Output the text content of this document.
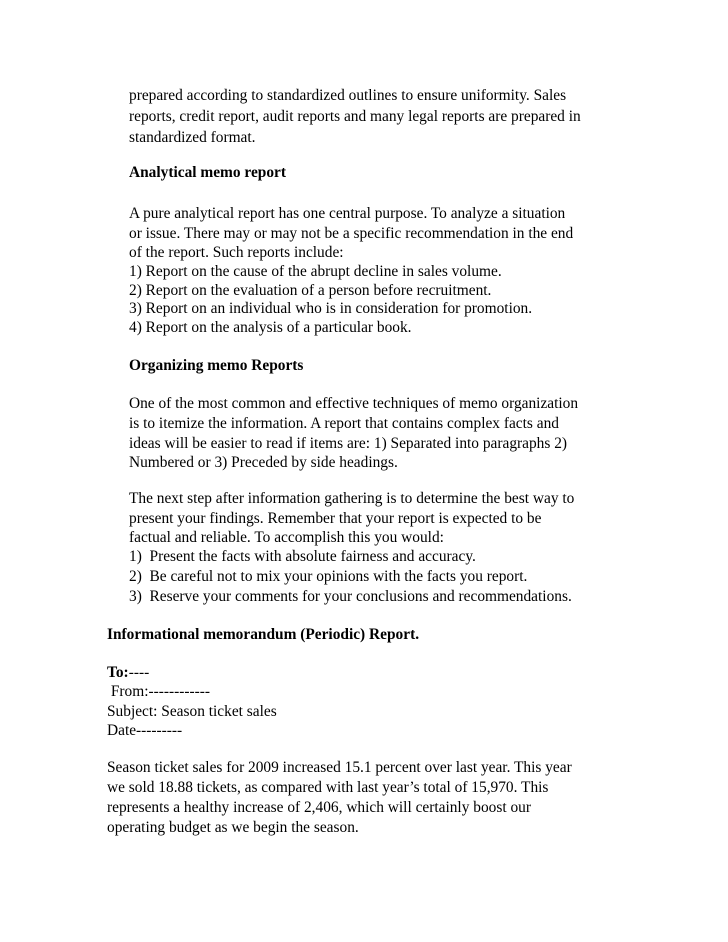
prepared according to standardized outlines to ensure uniformity. Sales
reports, credit report, audit reports and many legal reports are prepared in
standardized format.
Analytical memo report
A pure analytical report has one central purpose. To analyze a situation
or issue. There may or may not be a specific recommendation in the end
of the report. Such reports include:
1) Report on the cause of the abrupt decline in sales volume.
2) Report on the evaluation of a person before recruitment.
3) Report on an individual who is in consideration for promotion.
4) Report on the analysis of a particular book.
Organizing memo Reports
One of the most common and effective techniques of memo organization
is to itemize the information. A report that contains complex facts and
ideas will be easier to read if items are: 1) Separated into paragraphs 2)
Numbered or 3) Preceded by side headings.
The next step after information gathering is to determine the best way to
present your findings. Remember that your report is expected to be
factual and reliable. To accomplish this you would:
1)  Present the facts with absolute fairness and accuracy.
2)  Be careful not to mix your opinions with the facts you report.
3)  Reserve your comments for your conclusions and recommendations.
Informational memorandum (Periodic) Report.
To:----
From:------------
Subject: Season ticket sales
Date---------
Season ticket sales for 2009 increased 15.1 percent over last year. This year
we sold 18.88 tickets, as compared with last year’s total of 15,970. This
represents a healthy increase of 2,406, which will certainly boost our
operating budget as we begin the season.
